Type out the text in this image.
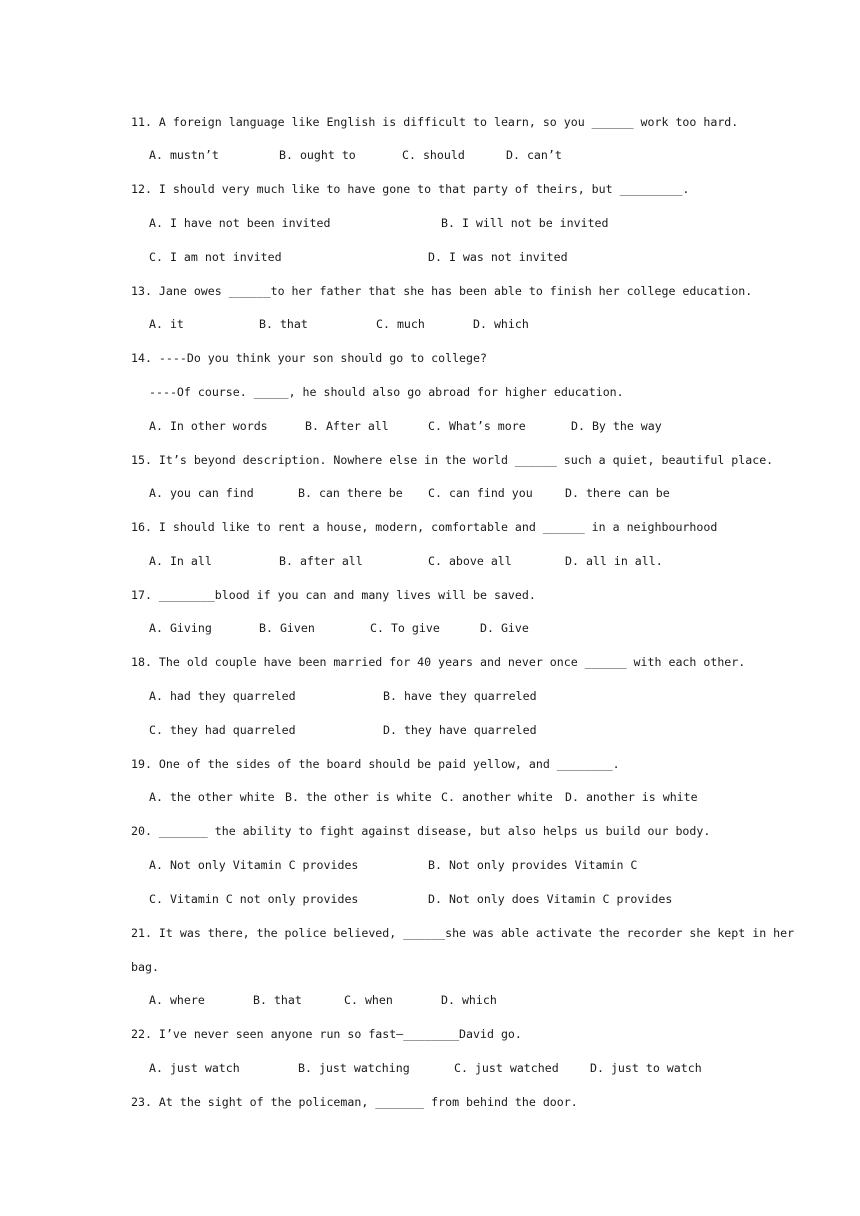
11. A foreign language like English is difficult to learn, so you ______ work too hard.

A. mustn’t

	B. ought to

	C. should

	D. can’t

12. I should very much like to have gone to that party of theirs, but _________.

A. I have not been invited

	B. I will not be invited

C. I am not invited

	D. I was not invited

13. Jane owes ______to her father that she has been able to finish her college education.

A. it

	B. that

	C. much

	D. which

14. ----Do you think your son should go to college?
----Of course. _____, he should also go abroad for higher education.

A. In other words

	B. After all

	C. What’s more

	D. By the way

15. It’s beyond description. Nowhere else in the world ______ such a quiet, beautiful place.

A. you can find

	B. can there be

C. can find you

	D. there can be

16. I should like to rent a house, modern, comfortable and ______ in a neighbourhood

A. In all

	B. after all

	C. above all

	D. all in all.

17. ________blood if you can and many lives will be saved.

A. Giving

	B. Given

	C. To give

	D. Give

18. The old couple have been married for 40 years and never once ______ with each other.

A. had they quarreled

	B. have they quarreled

C. they had quarreled

	D. they have quarreled

19. One of the sides of the board should be paid yellow, and ________.

A. the other white

B. the other is white

C. another white

D. another is white

20. _______ the ability to fight against disease, but also helps us build our body.

A. Not only Vitamin C provides

	B. Not only provides Vitamin C

C. Vitamin C not only provides

	D. Not only does Vitamin C provides

21. It was there, the police believed, ______she was able activate the recorder she kept in her
bag.

A. where

	B. that

	C. when

	D. which

22. I’ve never seen anyone run so fast—________David go.

A. just watch

	B. just watching

	C. just watched

	D. just to watch

23. At the sight of the policeman, _______ from behind the door.
